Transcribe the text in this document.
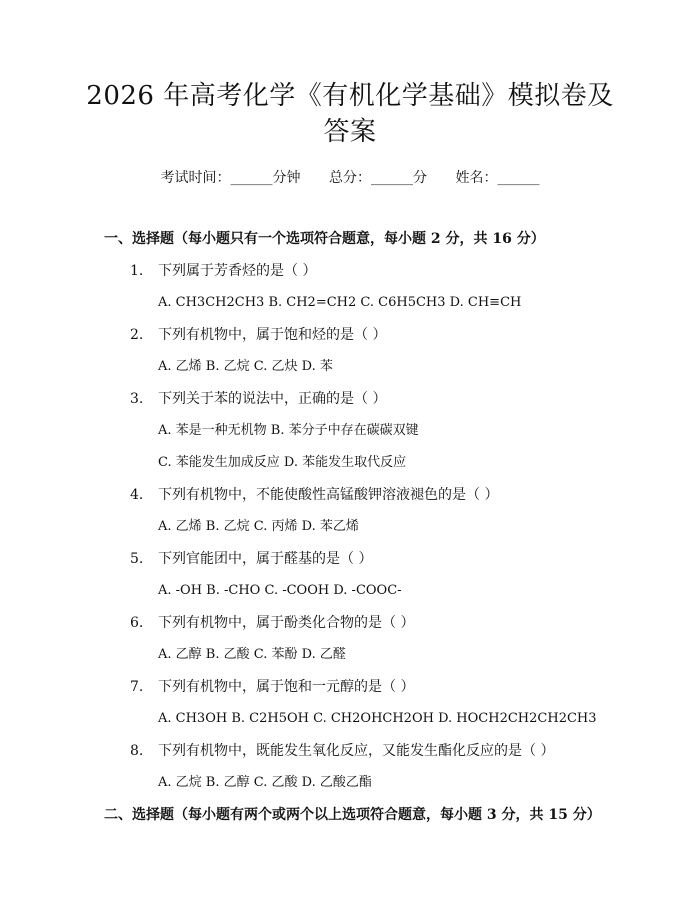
2026 年高考化学《有机化学基础》模拟卷及
答案
考试时间：______分钟 总分：______分 姓名：______
一、选择题（每小题只有一个选项符合题意，每小题 2 分，共 16 分）
1. 下列属于芳香烃的是（ ）
A. CH3CH2CH3 B. CH2=CH2 C. C6H5CH3 D. CH≡CH
2. 下列有机物中，属于饱和烃的是（ ）
A. 乙烯 B. 乙烷 C. 乙炔 D. 苯
3. 下列关于苯的说法中，正确的是（ ）
A. 苯是一种无机物 B. 苯分子中存在碳碳双键
C. 苯能发生加成反应 D. 苯能发生取代反应
4. 下列有机物中，不能使酸性高锰酸钾溶液褪色的是（ ）
A. 乙烯 B. 乙烷 C. 丙烯 D. 苯乙烯
5. 下列官能团中，属于醛基的是（ ）
A. -OH B. -CHO C. -COOH D. -COOC-
6. 下列有机物中，属于酚类化合物的是（ ）
A. 乙醇 B. 乙酸 C. 苯酚 D. 乙醛
7. 下列有机物中，属于饱和一元醇的是（ ）
A. CH3OH B. C2H5OH C. CH2OHCH2OH D. HOCH2CH2CH2CH3
8. 下列有机物中，既能发生氧化反应，又能发生酯化反应的是（ ）
A. 乙烷 B. 乙醇 C. 乙酸 D. 乙酸乙酯
二、选择题（每小题有两个或两个以上选项符合题意，每小题 3 分，共 15 分）
